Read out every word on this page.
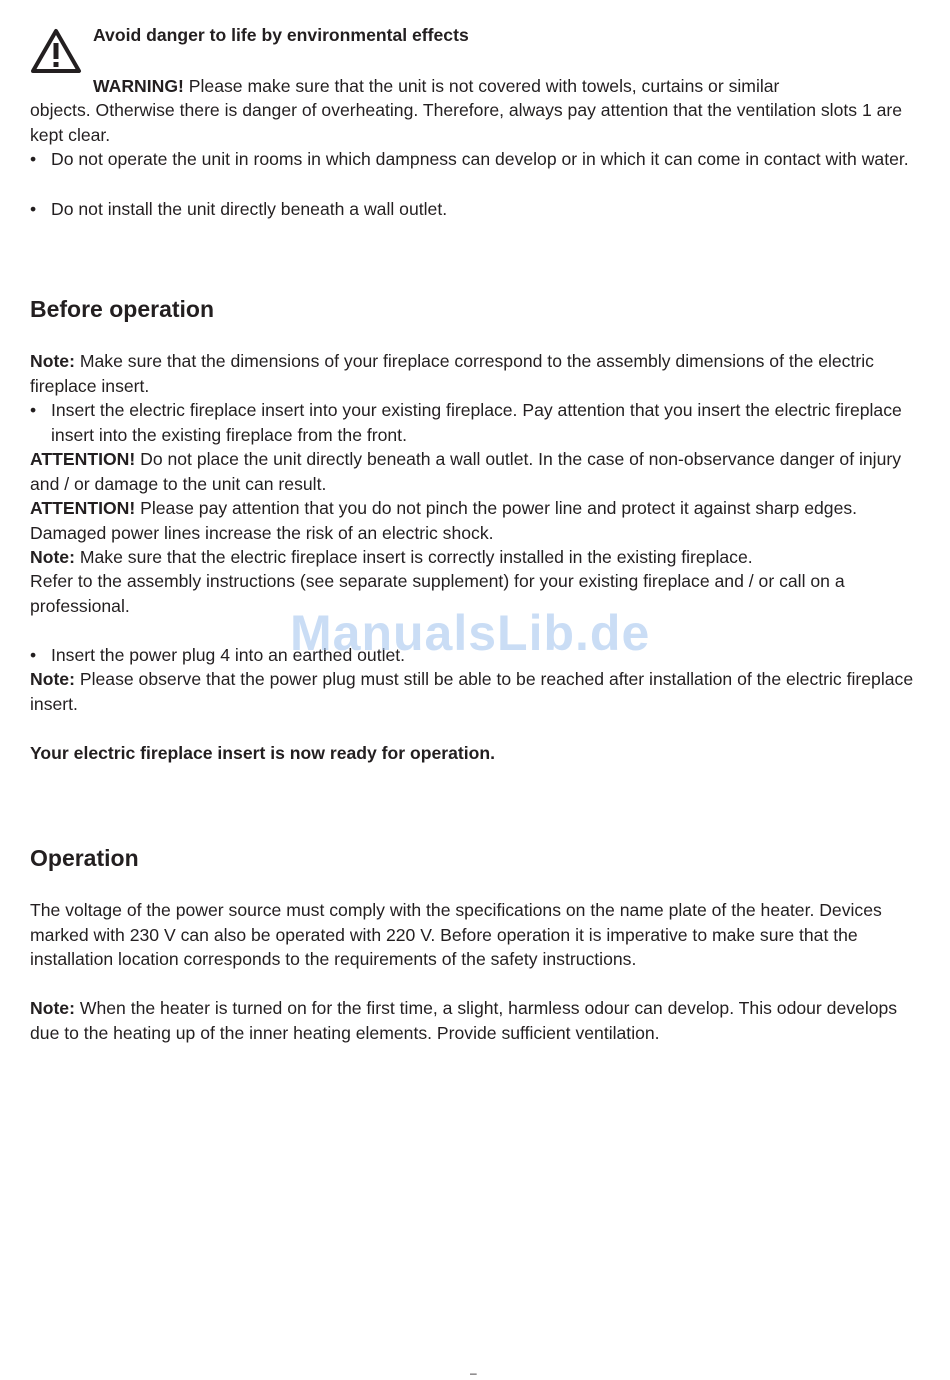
Avoid danger to life by environmental effects

WARNING! Please make sure that the unit is not covered with towels, curtains or similar

objects. Otherwise there is danger of overheating. Therefore, always pay attention that the ventilation slots 1 are kept clear.

• Do not operate the unit in rooms in which dampness can develop or in which it can come in contact with water.
• Do not install the unit directly beneath a wall outlet.
Before operation

Note: Make sure that the dimensions of your fireplace correspond to the assembly dimensions of the electric fireplace insert.

• Insert the electric fireplace insert into your existing fireplace. Pay attention that you insert the electric fireplace insert into the existing fireplace from the front.

ATTENTION! Do not place the unit directly beneath a wall outlet. In the case of non-observance danger of injury and / or damage to the unit can result.

ATTENTION! Please pay attention that you do not pinch the power line and protect it against sharp edges. Damaged power lines increase the risk of an electric shock.

Note: Make sure that the electric fireplace insert is correctly installed in the existing fireplace.

Refer to the assembly instructions (see separate supplement) for your existing fireplace and / or call on a professional.

• Insert the power plug 4 into an earthed outlet.

Note: Please observe that the power plug must still be able to be reached after installation of the electric fireplace insert.

Your electric fireplace insert is now ready for operation.

Operation

The voltage of the power source must comply with the specifications on the name plate of the heater. Devices marked with 230 V can also be operated with 220 V. Before operation it is imperative to make sure that the installation location corresponds to the requirements of the safety instructions.

Note: When the heater is turned on for the first time, a slight, harmless odour can develop. This odour develops due to the heating up of the inner heating elements. Provide sufficient ventilation.

ManualsLib.de
–
